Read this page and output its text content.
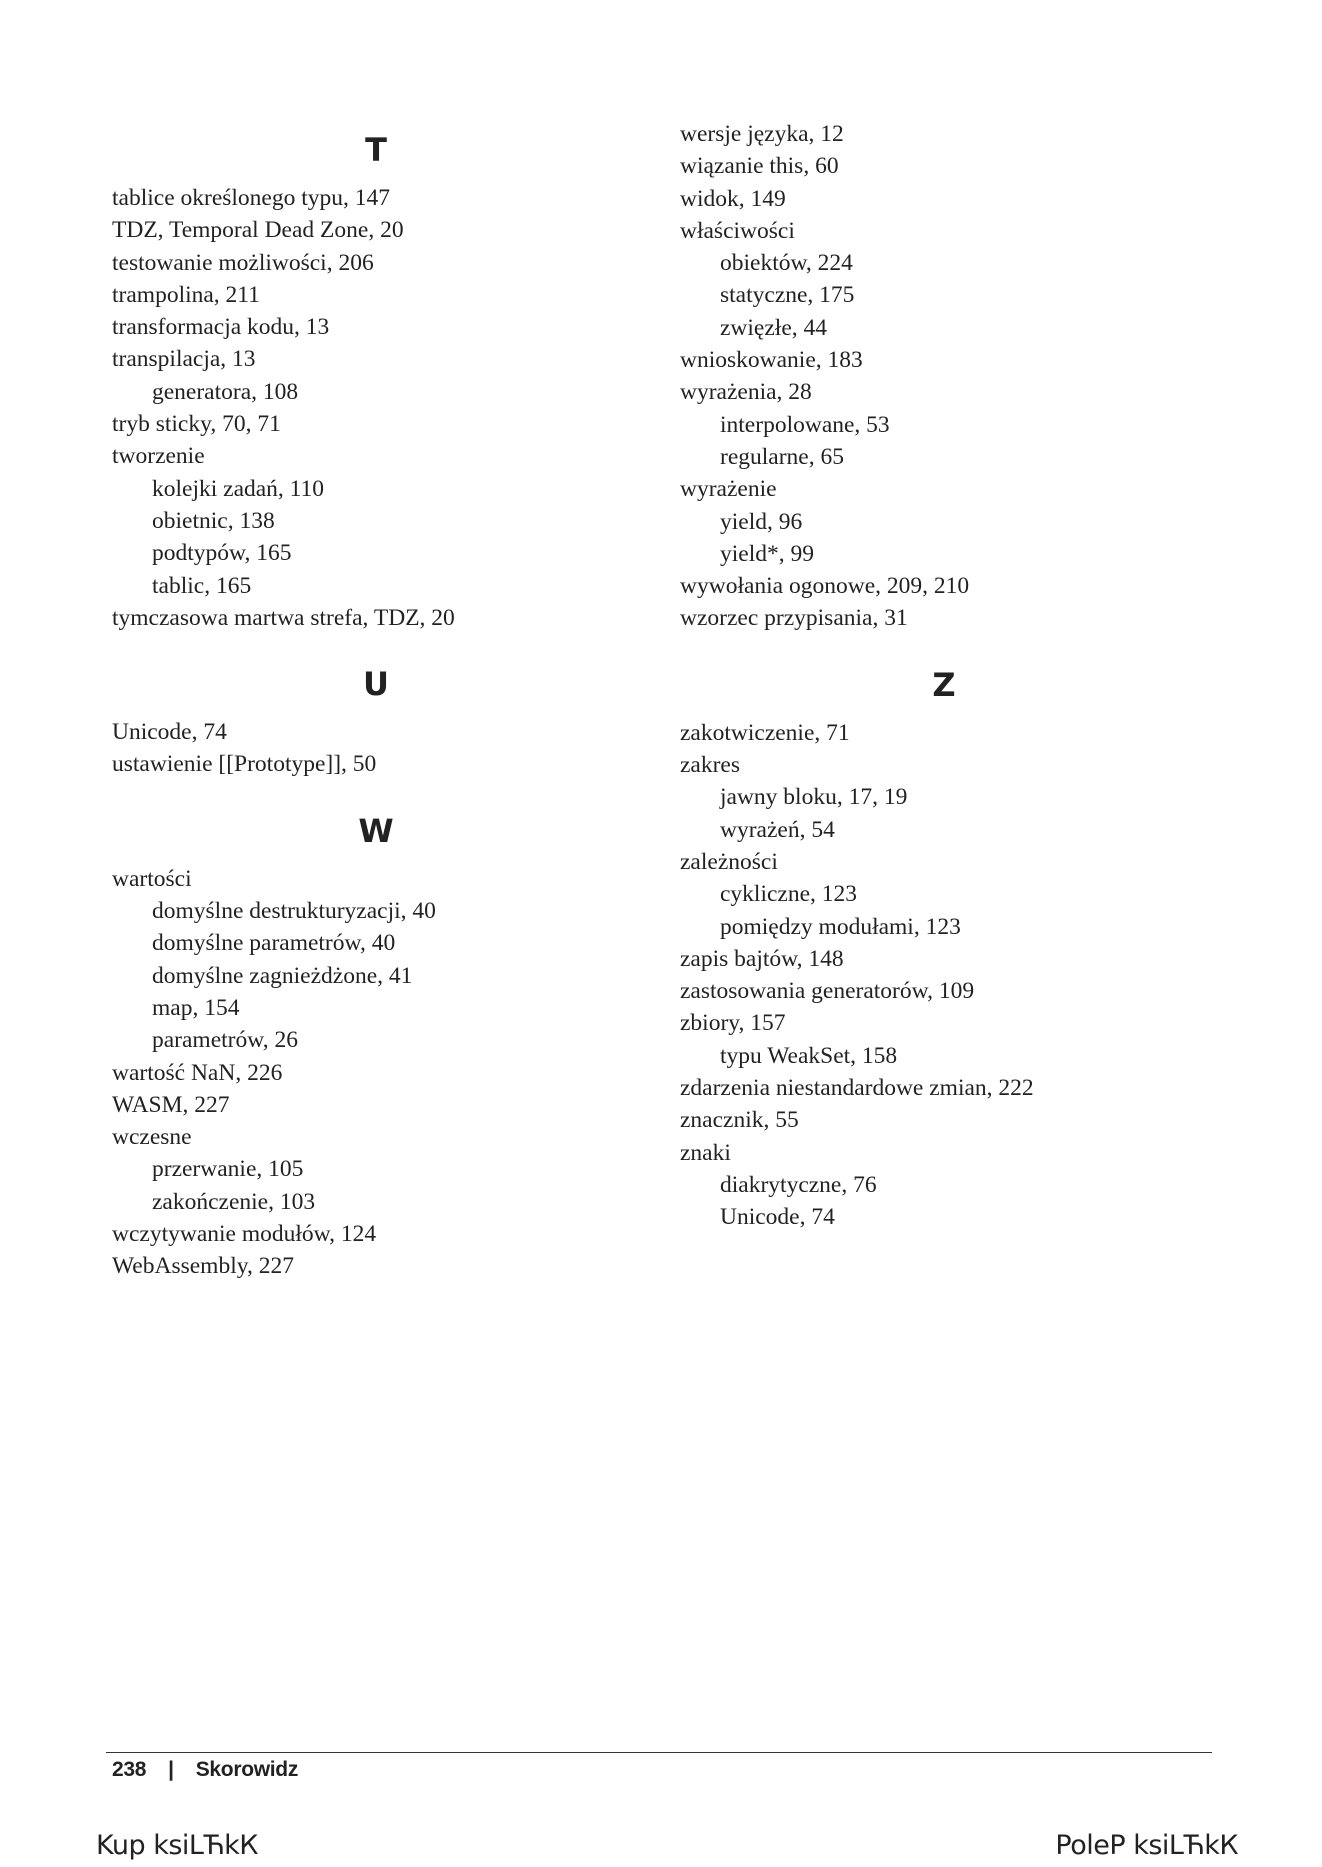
T
tablice określonego typu, 147
TDZ, Temporal Dead Zone, 20
testowanie możliwości, 206
trampolina, 211
transformacja kodu, 13
transpilacja, 13
generatora, 108
tryb sticky, 70, 71
tworzenie
kolejki zadań, 110
obietnic, 138
podtypów, 165
tablic, 165
tymczasowa martwa strefa, TDZ, 20
U
Unicode, 74
ustawienie [[Prototype]], 50
W
wartości
domyślne destrukturyzacji, 40
domyślne parametrów, 40
domyślne zagnieżdżone, 41
map, 154
parametrów, 26
wartość NaN, 226
WASM, 227
wczesne
przerwanie, 105
zakończenie, 103
wczytywanie modułów, 124
WebAssembly, 227
wersje języka, 12
wiązanie this, 60
widok, 149
właściwości
obiektów, 224
statyczne, 175
zwięzłe, 44
wnioskowanie, 183
wyrażenia, 28
interpolowane, 53
regularne, 65
wyrażenie
yield, 96
yield*, 99
wywołania ogonowe, 209, 210
wzorzec przypisania, 31
Z
zakotwiczenie, 71
zakres
jawny bloku, 17, 19
wyrażeń, 54
zależności
cykliczne, 123
pomiędzy modułami, 123
zapis bajtów, 148
zastosowania generatorów, 109
zbiory, 157
typu WeakSet, 158
zdarzenia niestandardowe zmian, 222
znacznik, 55
znaki
diakrytyczne, 76
Unicode, 74
238 | Skorowidz
Kup ksiLЋkК	PoleР ksiLЋkК
